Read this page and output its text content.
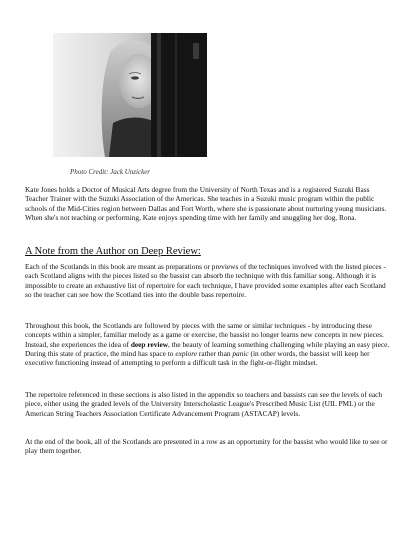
Photo Credit: Jack Unzicker

Kate Jones holds a Doctor of Musical Arts degree from the University of North Texas and is a registered Suzuki Bass Teacher Trainer with the Suzuki Association of the Americas. She teaches in a Suzuki music program within the public schools of the Mid-Cities region between Dallas and Fort Worth, where she is passionate about nurturing young musicians. When she's not teaching or performing, Kate enjoys spending time with her family and snuggling her dog, Rona.

A Note from the Author on Deep Review:

Each of the Scotlands in this book are meant as preparations or previews of the techniques involved with the listed pieces - each Scotland aligns with the pieces listed so the bassist can absorb the technique with this familiar song. Although it is impossible to create an exhaustive list of repertoire for each technique, I have provided some examples after each Scotland so the teacher can see how the Scotland ties into the double bass repertoire.

Throughout this book, the Scotlands are followed by pieces with the same or similar techniques - by introducing these concepts within a simpler, familiar melody as a game or exercise, the bassist no longer learns new concepts in new pieces. Instead, she experiences the idea of deep review, the beauty of learning something challenging while playing an easy piece. During this state of practice, the mind has space to explore rather than panic (in other words, the bassist will keep her executive functioning instead of attempting to perform a difficult task in the fight-or-flight mindset.

The repertoire referenced in these sections is also listed in the appendix so teachers and bassists can see the levels of each piece, either using the graded levels of the University Interscholastic League's Prescribed Music List (UIL PML) or the American String Teachers Association Certificate Advancement Program (ASTACAP) levels.

At the end of the book, all of the Scotlands are presented in a row as an opportunity for the bassist who would like to see or play them together.
